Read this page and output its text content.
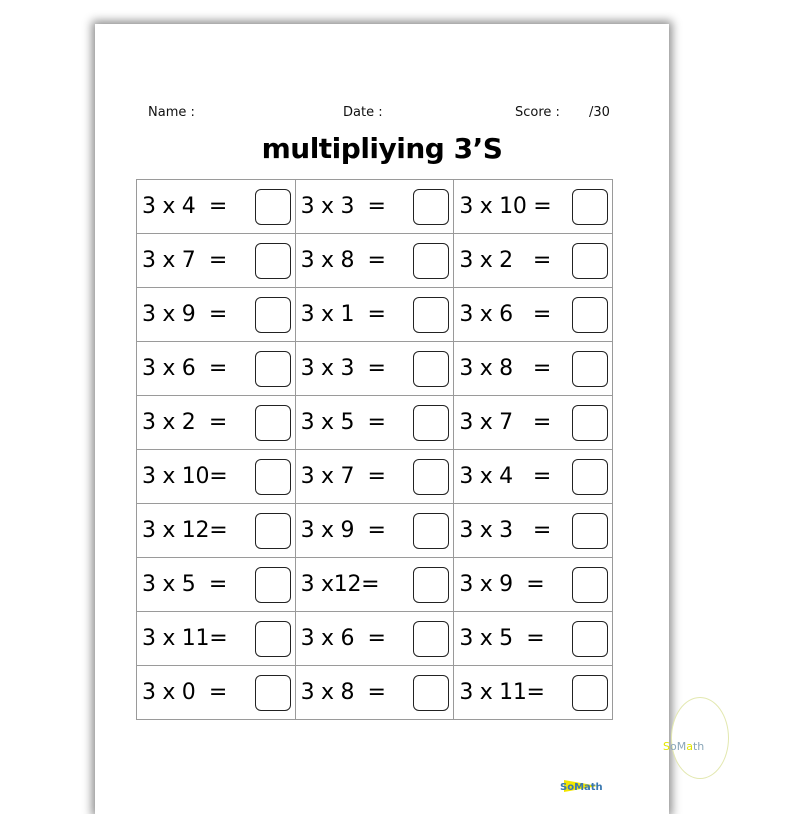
Name :	Date :	Score : /30
multipliying 3’S
3 x 4  =	3 x 3  =	3 x 10 =

3 x 7  =	3 x 8  =	3 x 2   =

3 x 9  =	3 x 1  =	3 x 6   =

3 x 6  =	3 x 3  =	3 x 8   =

3 x 2  =	3 x 5  =	3 x 7   =

3 x 10=	3 x 7  =	3 x 4   =

3 x 12=	3 x 9  =	3 x 3   =

3 x 5  =	3 x12=	3 x 9  =

3 x 11=	3 x 6  =	3 x 5  =

3 x 0  =	3 x 8  =	3 x 11=
SoMath
SoMath
